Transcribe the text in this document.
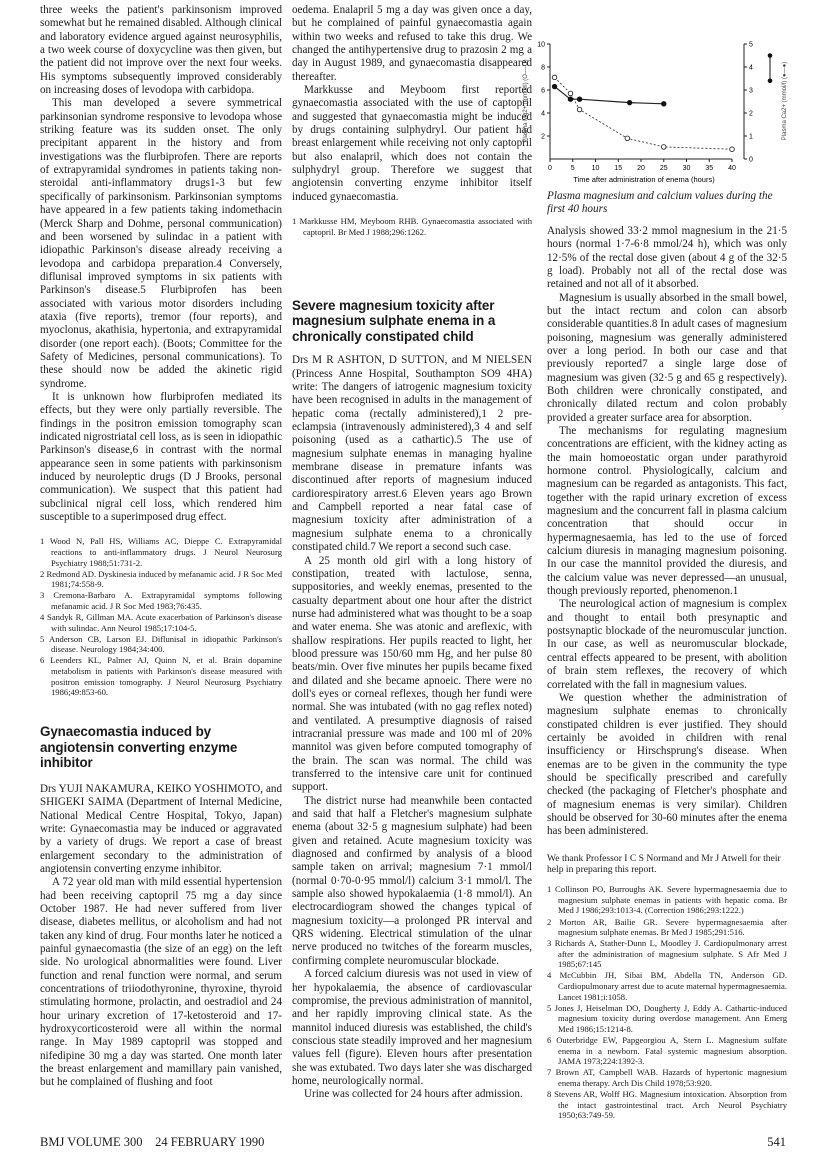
three weeks the patient's parkinsonism improved somewhat but he remained disabled. Although clinical and laboratory evidence argued against neurosyphilis, a two week course of doxycycline was then given, but the patient did not improve over the next four weeks. His symptoms subsequently improved considerably on increasing doses of levodopa with carbidopa.

This man developed a severe symmetrical parkinsonian syndrome responsive to levodopa whose striking feature was its sudden onset. The only precipitant apparent in the history and from investigations was the flurbiprofen. There are reports of extrapyramidal syndromes in patients taking non-steroidal anti-inflammatory drugs1-3 but few specifically of parkinsonism. Parkinsonian symptoms have appeared in a few patients taking indomethacin (Merck Sharp and Dohme, personal communication) and been worsened by sulindac in a patient with idiopathic Parkinson's disease already receiving a levodopa and carbidopa preparation.4 Conversely, diflunisal improved symptoms in six patients with Parkinson's disease.5 Flurbiprofen has been associated with various motor disorders including ataxia (five reports), tremor (four reports), and myoclonus, akathisia, hypertonia, and extrapyramidal disorder (one report each). (Boots; Committee for the Safety of Medicines, personal communications). To these should now be added the akinetic rigid syndrome.

It is unknown how flurbiprofen mediated its effects, but they were only partially reversible. The findings in the positron emission tomography scan indicated nigrostriatal cell loss, as is seen in idiopathic Parkinson's disease,6 in contrast with the normal appearance seen in some patients with parkinsonism induced by neuroleptic drugs (D J Brooks, personal communication). We suspect that this patient had subclinical nigral cell loss, which rendered him susceptible to a superimposed drug effect.

1 Wood N, Pall HS, Williams AC, Dieppe C. Extrapyramidal reactions to anti-inflammatory drugs. J Neurol Neurosurg Psychiatry 1988;51:731-2.
2 Redmond AD. Dyskinesia induced by mefanamic acid. J R Soc Med 1981;74:558-9.
3 Cremona-Barbaro A. Extrapyramidal symptoms following mefanamic acid. J R Soc Med 1983;76:435.
4 Sandyk R, Gillman MA. Acute exacerbation of Parkinson's disease with sulindac. Ann Neurol 1985;17:104-5.
5 Anderson CB, Larson EJ. Diflunisal in idiopathic Parkinson's disease. Neurology 1984;34:400.
6 Leenders KL, Palmer AJ, Quinn N, et al. Brain dopamine metabolism in patients with Parkinson's disease measured with positron emission tomography. J Neurol Neurosurg Psychiatry 1986;49:853-60.
Gynaecomastia induced by angiotensin converting enzyme inhibitor

Drs YUJI NAKAMURA, KEIKO YOSHIMOTO, and SHIGEKI SAIMA (Department of Internal Medicine, National Medical Centre Hospital, Tokyo, Japan) write: Gynaecomastia may be induced or aggravated by a variety of drugs. We report a case of breast enlargement secondary to the administration of angiotensin converting enzyme inhibitor.

A 72 year old man with mild essential hypertension had been receiving captopril 75 mg a day since October 1987. He had never suffered from liver disease, diabetes mellitus, or alcoholism and had not taken any kind of drug. Four months later he noticed a painful gynaecomastia (the size of an egg) on the left side. No urological abnormalities were found. Liver function and renal function were normal, and serum concentrations of triiodothyronine, thyroxine, thyroid stimulating hormone, prolactin, and oestradiol and 24 hour urinary excretion of 17-ketosteroid and 17-hydroxycorticosteroid were all within the normal range. In May 1989 captopril was stopped and nifedipine 30 mg a day was started. One month later the breast enlargement and mamillary pain vanished, but he complained of flushing and foot

oedema. Enalapril 5 mg a day was given once a day, but he complained of painful gynaecomastia again within two weeks and refused to take this drug. We changed the antihypertensive drug to prazosin 2 mg a day in August 1989, and gynaecomastia disappeared thereafter.

Markkusse and Meyboom first reported gynaecomastia associated with the use of captopril and suggested that gynaecomastia might be induced by drugs containing sulphydryl. Our patient had breast enlargement while receiving not only captopril but also enalapril, which does not contain the sulphydryl group. Therefore we suggest that angiotensin converting enzyme inhibitor itself induced gynaecomastia.

1 Markkusse HM, Meyboom RHB. Gynaecomastia associated with captopril. Br Med J 1988;296:1262.
Severe magnesium toxicity after magnesium sulphate enema in a chronically constipated child

Drs M R ASHTON, D SUTTON, and M NIELSEN (Princess Anne Hospital, Southampton SO9 4HA) write: The dangers of iatrogenic magnesium toxicity have been recognised in adults in the management of hepatic coma (rectally administered),1 2 pre-eclampsia (intravenously administered),3 4 and self poisoning (used as a cathartic).5 The use of magnesium sulphate enemas in managing hyaline membrane disease in premature infants was discontinued after reports of magnesium induced cardiorespiratory arrest.6 Eleven years ago Brown and Campbell reported a near fatal case of magnesium toxicity after administration of a magnesium sulphate enema to a chronically constipated child.7 We report a second such case.

A 25 month old girl with a long history of constipation, treated with lactulose, senna, suppositories, and weekly enemas, presented to the casualty department about one hour after the district nurse had administered what was thought to be a soap and water enema. She was atonic and areflexic, with shallow respirations. Her pupils reacted to light, her blood pressure was 150/60 mm Hg, and her pulse 80 beats/min. Over five minutes her pupils became fixed and dilated and she became apnoeic. There were no doll's eyes or corneal reflexes, though her fundi were normal. She was intubated (with no gag reflex noted) and ventilated. A presumptive diagnosis of raised intracranial pressure was made and 100 ml of 20% mannitol was given before computed tomography of the brain. The scan was normal. The child was transferred to the intensive care unit for continued support.

The district nurse had meanwhile been contacted and said that half a Fletcher's magnesium sulphate enema (about 32·5 g magnesium sulphate) had been given and retained. Acute magnesium toxicity was diagnosed and confirmed by analysis of a blood sample taken on arrival; magnesium 7·1 mmol/l (normal 0·70-0·95 mmol/l) calcium 3·1 mmol/l. The sample also showed hypokalaemia (1·8 mmol/l). An electrocardiogram showed the changes typical of magnesium toxicity—a prolonged PR interval and QRS widening. Electrical stimulation of the ulnar nerve produced no twitches of the forearm muscles, confirming complete neuromuscular blockade.

A forced calcium diuresis was not used in view of her hypokalaemia, the absence of cardiovascular compromise, the previous administration of mannitol, and her rapidly improving clinical state. As the mannitol induced diuresis was established, the child's conscious state steadily improved and her magnesium values fell (figure). Eleven hours after presentation she was extubated. Two days later she was discharged home, neurologically normal.

Urine was collected for 24 hours after admission.

0	5 10 15 20 25 30 35 40
2
4
6
8
10
0
1
2
3
4
5
Time after administration of enema (hours)
Plasma Mg2+ (mmol/l) (O----O)	Plasma Ca2+ (mmol/l) (●—●)
Plasma magnesium and calcium values during the first 40 hours

Analysis showed 33·2 mmol magnesium in the 21·5 hours (normal 1·7-6·8 mmol/24 h), which was only 12·5% of the rectal dose given (about 4 g of the 32·5 g load). Probably not all of the rectal dose was retained and not all of it absorbed.

Magnesium is usually absorbed in the small bowel, but the intact rectum and colon can absorb considerable quantities.8 In adult cases of magnesium poisoning, magnesium was generally administered over a long period. In both our case and that previously reported7 a single large dose of magnesium was given (32·5 g and 65 g respectively). Both children were chronically constipated, and chronically dilated rectum and colon probably provided a greater surface area for absorption.

The mechanisms for regulating magnesium concentrations are efficient, with the kidney acting as the main homoeostatic organ under parathyroid hormone control. Physiologically, calcium and magnesium can be regarded as antagonists. This fact, together with the rapid urinary excretion of excess magnesium and the concurrent fall in plasma calcium concentration that should occur in hypermagnesaemia, has led to the use of forced calcium diuresis in managing magnesium poisoning. In our case the mannitol provided the diuresis, and the calcium value was never depressed—an unusual, though previously reported, phenomenon.1

The neurological action of magnesium is complex and thought to entail both presynaptic and postsynaptic blockade of the neuromuscular junction. In our case, as well as neuromuscular blockade, central effects appeared to be present, with abolition of brain stem reflexes, the recovery of which correlated with the fall in magnesium values.

We question whether the administration of magnesium sulphate enemas to chronically constipated children is ever justified. They should certainly be avoided in children with renal insufficiency or Hirschsprung's disease. When enemas are to be given in the community the type should be specifically prescribed and carefully checked (the packaging of Fletcher's phosphate and of magnesium enemas is very similar). Children should be observed for 30-60 minutes after the enema has been administered.

We thank Professor I C S Normand and Mr J Atwell for their help in preparing this report.
1 Collinson PO, Burroughs AK. Severe hypermagnesaemia due to magnesium sulphate enemas in patients with hepatic coma. Br Med J 1986;293:1013-4. (Correction 1986;293:1222.)
2 Morton AR, Bailie GR. Severe hypermagnesaemia after magnesium sulphate enemas. Br Med J 1985;291:516.
3 Richards A, Stather-Dunn L, Moodley J. Cardiopulmonary arrest after the administration of magnesium sulphate. S Afr Med J 1985;67:145
4 McCubbin JH, Sibai BM, Abdella TN, Anderson GD. Cardiopulmonary arrest due to acute maternal hypermagnesaemia. Lancet 1981;i:1058.
5 Jones J, Heiselman DO, Dougherty J, Eddy A. Cathartic-induced magnesium toxicity during overdose management. Ann Emerg Med 1986;15:1214-8.
6 Outerbridge EW, Papgeorgiou A, Stern L. Magnesium sulfate enema in a newborn. Fatal systemic magnesium absorption. JAMA 1973;224:1392-3.
7 Brown AT, Campbell WAB. Hazards of hypertonic magnesium enema therapy. Arch Dis Child 1978;53:920.
8 Stevens AR, Wolff HG. Magnesium intoxication. Absorption from the intact gastrointestinal tract. Arch Neurol Psychiatry 1950;63:749-59.
BMJ VOLUME 300 24 FEBRUARY 1990	541
